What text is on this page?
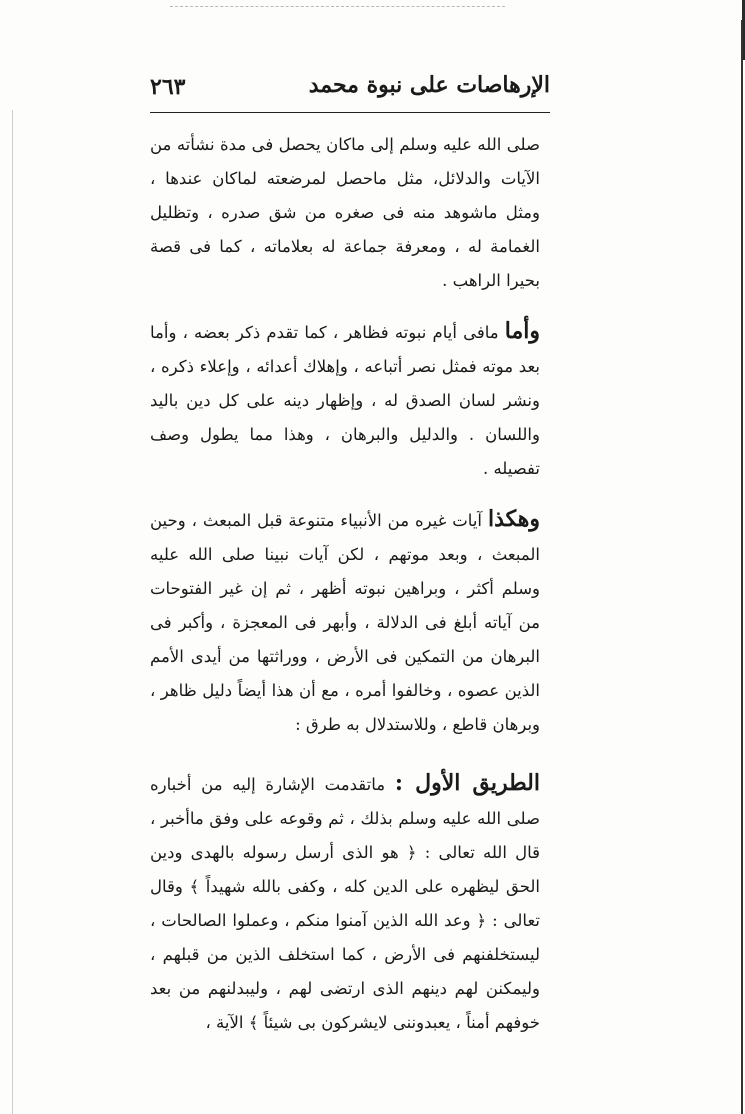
الإرهاصات على نبوة محمد
٢٦٣

صلى الله عليه وسلم إلى ماكان يحصل فى مدة نشأته من الآيات والدلائل، مثل ماحصل لمرضعته لماكان عندها ، ومثل ماشوهد منه فى صغره من شق صدره ، وتظليل الغمامة له ، ومعرفة جماعة له بعلاماته ، كما فى قصة بحيرا الراهب .

وأما مافى أيام نبوته فظاهر ، كما تقدم ذكر بعضه ، وأما بعد موته فمثل نصر أتباعه ، وإهلاك أعدائه ، وإعلاء ذكره ، ونشر لسان الصدق له ، وإظهار دينه على كل دين باليد واللسان . والدليل والبرهان ، وهذا مما يطول وصف تفصيله .

وهكذا آيات غيره من الأنبياء متنوعة قبل المبعث ، وحين المبعث ، وبعد موتهم ، لكن آيات نبينا صلى الله عليه وسلم أكثر ، وبراهين نبوته أظهر ، ثم إن غير الفتوحات من آياته أبلغ فى الدلالة ، وأبهر فى المعجزة ، وأكبر فى البرهان من التمكين فى الأرض ، ووراثتها من أيدى الأمم الذين عصوه ، وخالفوا أمره ، مع أن هذا أيضاً دليل ظاهر ، وبرهان قاطع ، وللاستدلال به طرق :

الطريق الأول : ماتقدمت الإشارة إليه من أخباره صلى الله عليه وسلم بذلك ، ثم وقوعه على وفق ماأخبر ، قال الله تعالى : ﴿ هو الذى أرسل رسوله بالهدى ودين الحق ليظهره على الدين كله ، وكفى بالله شهيداً ﴾ وقال تعالى : ﴿ وعد الله الذين آمنوا منكم ، وعملوا الصالحات ، ليستخلفنهم فى الأرض ، كما استخلف الذين من قبلهم ، وليمكنن لهم دينهم الذى ارتضى لهم ، وليبدلنهم من بعد خوفهم أمناً ، يعبدوننى لايشركون بى شيئاً ﴾ الآية ،
